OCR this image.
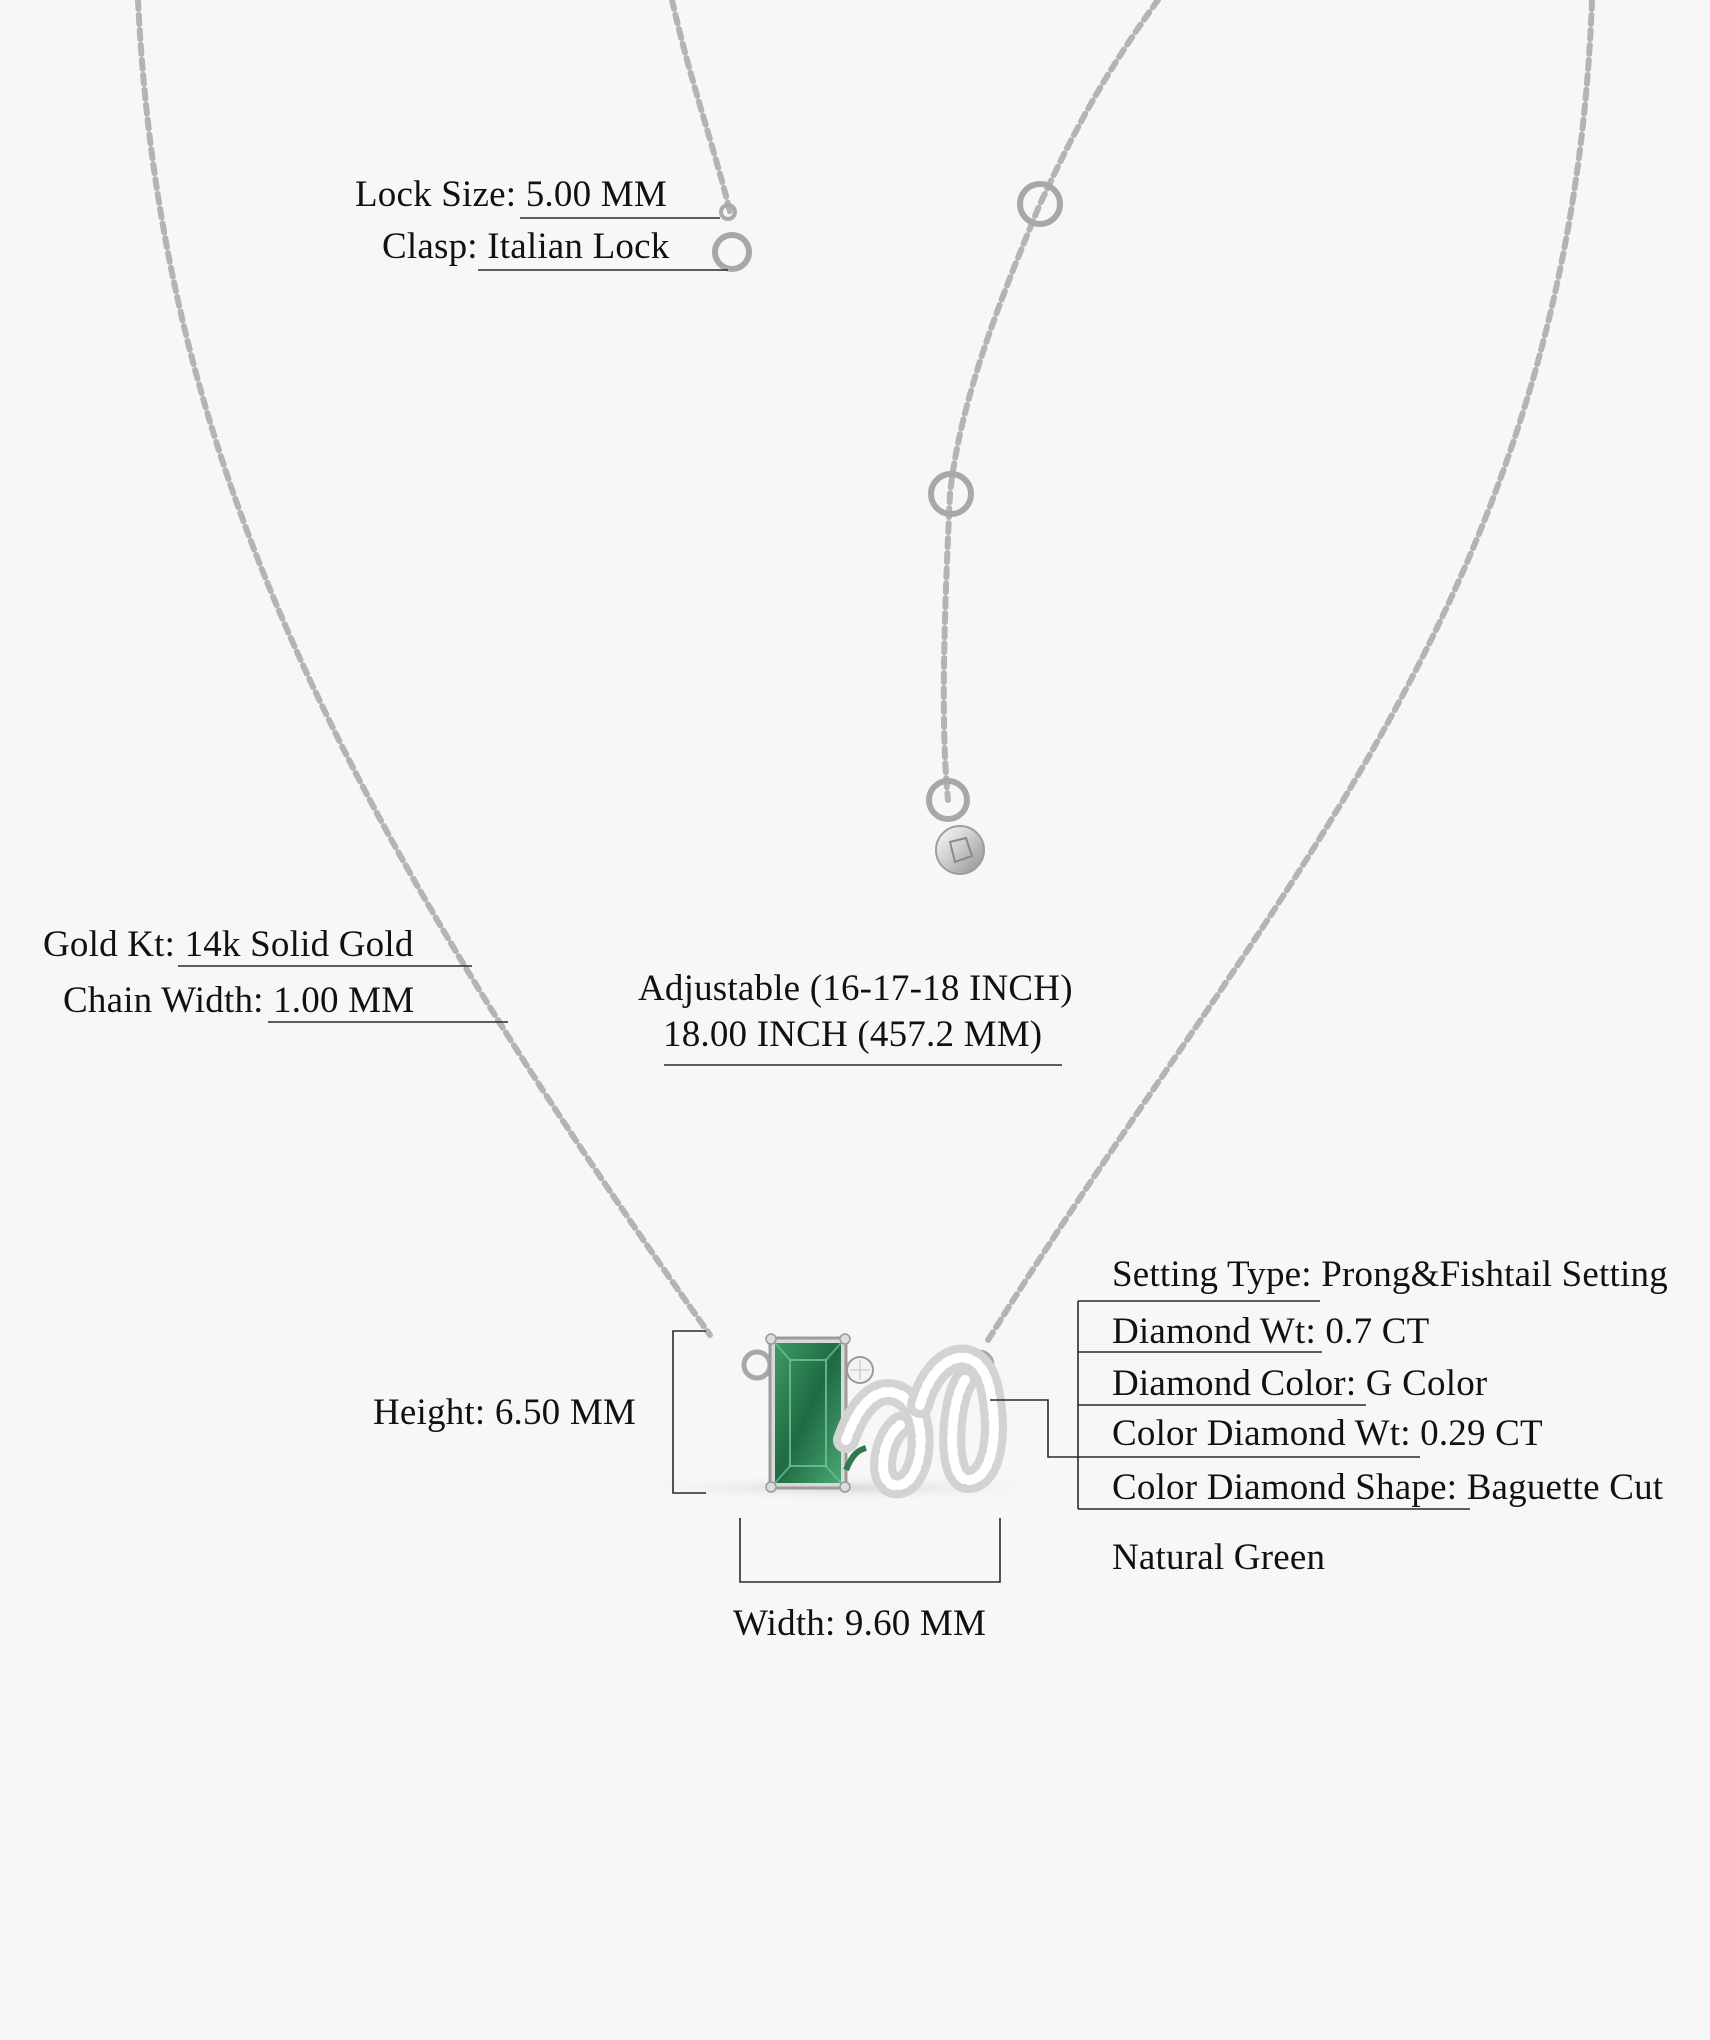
Lock Size: 5.00 MM
Clasp: Italian Lock
Gold Kt: 14k Solid Gold
Chain Width: 1.00 MM	Adjustable (16-17-18 INCH)
18.00 INCH (457.2 MM)
Height: 6.50 MM
Width: 9.60 MM
Setting Type: Prong&Fishtail Setting
Diamond Wt: 0.7 CT
Diamond Color: G Color
Color Diamond Wt: 0.29 CT
Color Diamond Shape: Baguette Cut
Natural Green
